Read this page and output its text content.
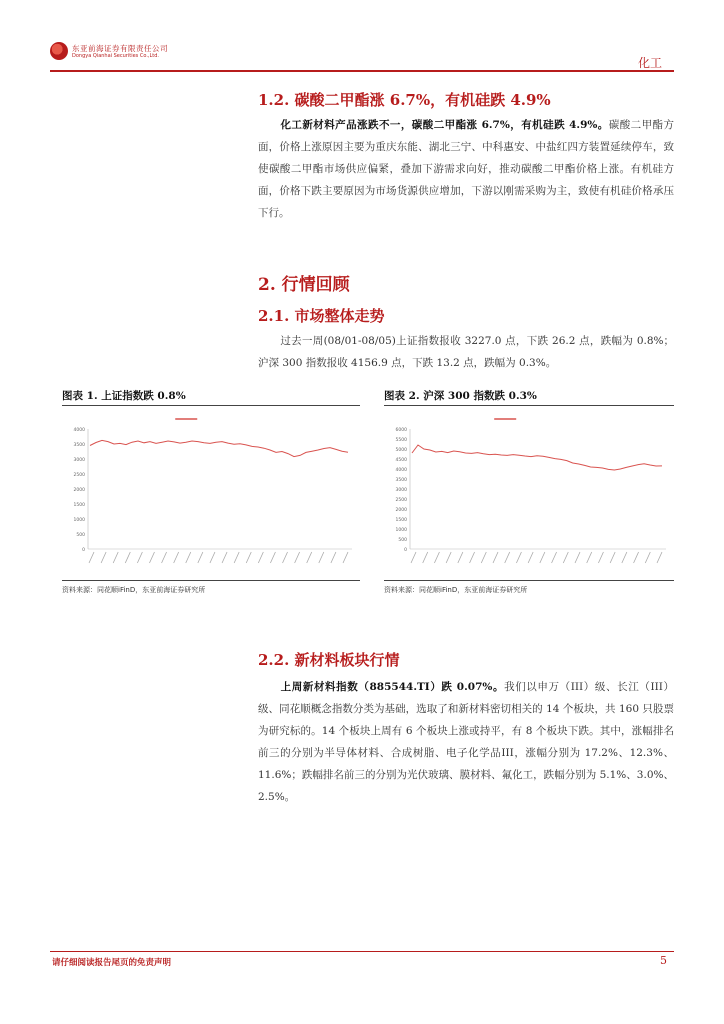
东亚前海证券有限责任公司
Dongya Qianhai Securities Co.,Ltd.	化工
1.2. 碳酸二甲酯涨 6.7%，有机硅跌 4.9%
化工新材料产品涨跌不一，碳酸二甲酯涨 6.7%，有机硅跌 4.9%。碳酸二甲酯方面，价格上涨原因主要为重庆东能、湖北三宁、中科惠安、中盐红四方装置延续停车，致使碳酸二甲酯市场供应偏紧，叠加下游需求向好，推动碳酸二甲酯价格上涨。有机硅方面，价格下跌主要原因为市场货源供应增加，下游以刚需采购为主，致使有机硅价格承压下行。
2. 行情回顾
2.1. 市场整体走势
过去一周(08/01-08/05)上证指数报收 3227.0 点，下跌 26.2 点，跌幅为 0.8%；沪深 300 指数报收 4156.9 点，下跌 13.2 点，跌幅为 0.3%。
图表 1. 上证指数跌 0.8%
0
500
1000
1500
2000
2500
3000
3500
4000
资料来源：同花顺iFinD，东亚前海证券研究所
图表 2. 沪深 300 指数跌 0.3%
0
500
1000
1500
2000
2500
3000
3500
4000
4500
5000
5500
6000
资料来源：同花顺iFinD，东亚前海证券研究所
2.2. 新材料板块行情
上周新材料指数（885544.TI）跌 0.07%。我们以申万（III）级、长江（III）级、同花顺概念指数分类为基础，选取了和新材料密切相关的 14 个板块，共 160 只股票为研究标的。14 个板块上周有 6 个板块上涨或持平，有 8 个板块下跌。其中，涨幅排名前三的分别为半导体材料、合成树脂、电子化学品III，涨幅分别为 17.2%、12.3%、11.6%；跌幅排名前三的分别为光伏玻璃、膜材料、氟化工，跌幅分别为 5.1%、3.0%、2.5%。
请仔细阅读报告尾页的免责声明	5
